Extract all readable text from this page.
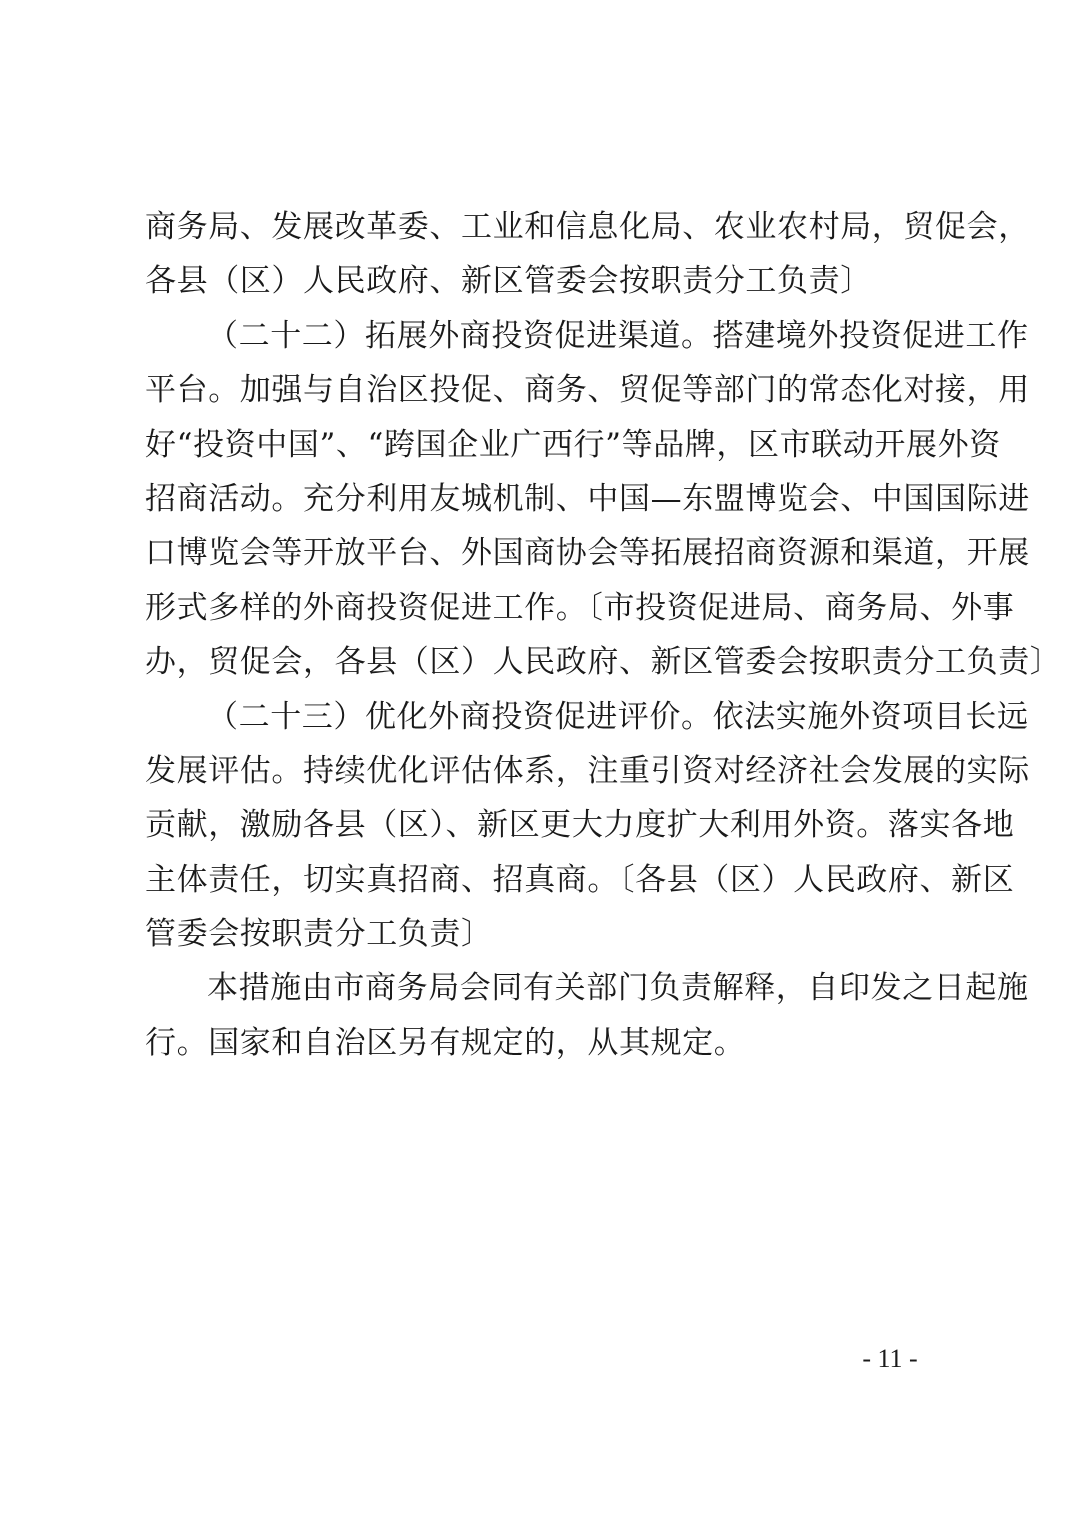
商务局、发展改革委、工业和信息化局、农业农村局，贸促会，
各县（区）人民政府、新区管委会按职责分工负责〕
（二十二）拓展外商投资促进渠道。搭建境外投资促进工作
平台。加强与自治区投促、商务、贸促等部门的常态化对接，用
好“投资中国”、“跨国企业广西行”等品牌，区市联动开展外资
招商活动。充分利用友城机制、中国—东盟博览会、中国国际进
口博览会等开放平台、外国商协会等拓展招商资源和渠道，开展
形式多样的外商投资促进工作。〔市投资促进局、商务局、外事
办，贸促会，各县（区）人民政府、新区管委会按职责分工负责〕
（二十三）优化外商投资促进评价。依法实施外资项目长远
发展评估。持续优化评估体系，注重引资对经济社会发展的实际
贡献，激励各县（区）、新区更大力度扩大利用外资。落实各地
主体责任，切实真招商、招真商。〔各县（区）人民政府、新区
管委会按职责分工负责〕
本措施由市商务局会同有关部门负责解释，自印发之日起施
行。国家和自治区另有规定的，从其规定。
- 11 -
